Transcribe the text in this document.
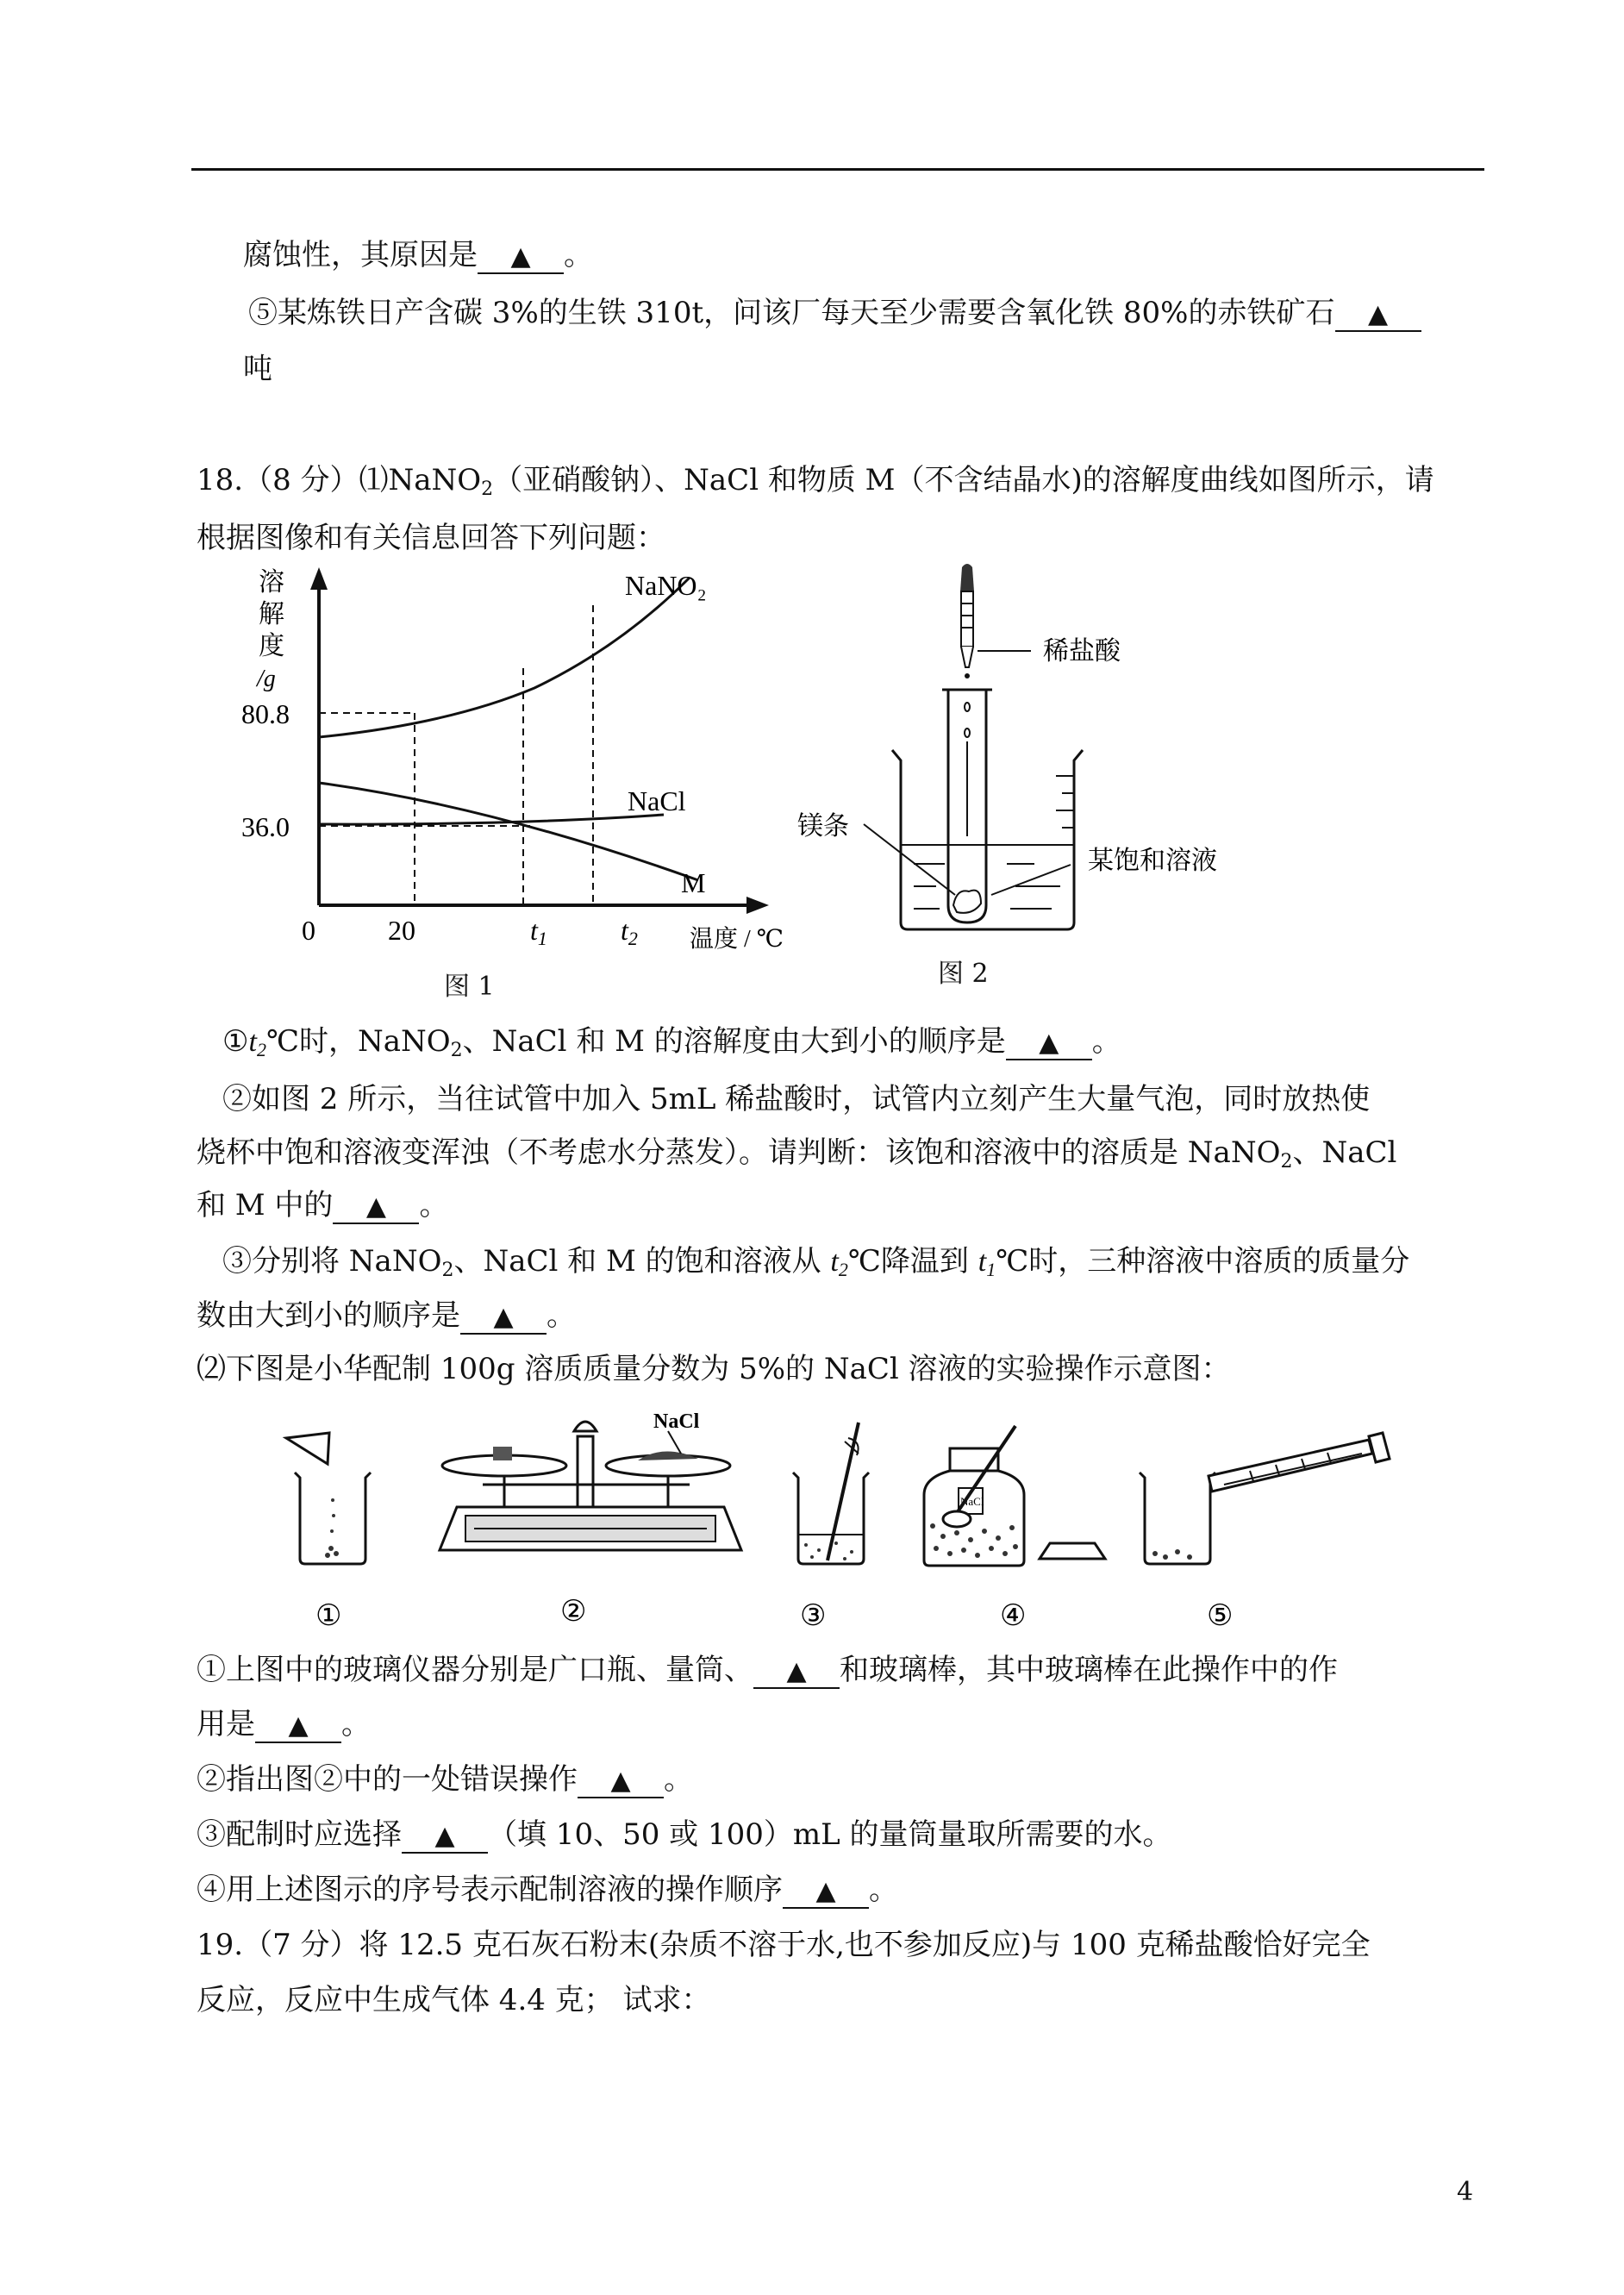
腐蚀性，其原因是 ▲ 。
⑤某炼铁日产含碳 3%的生铁 310t，问该厂每天至少需要含氧化铁 80%的赤铁矿石 ▲
吨
18.（8 分）⑴NaNO$_2$（亚硝酸钠）、NaCl 和物质 M（不含结晶水)的溶解度曲线如图所示，请
根据图像和有关信息回答下列问题：
溶
解
度
/g
80.8
36.0
0	20	t1	t2 温度 / ℃
NaNO₂
NaCl
M
图 1
稀盐酸
镁条
某饱和溶液
图 2
$①t_2℃$时，NaNO$_2$、NaCl 和 M 的溶解度由大到小的顺序是 ▲ 。
②如图 2 所示，当往试管中加入 5mL 稀盐酸时，试管内立刻产生大量气泡，同时放热使
烧杯中饱和溶液变浑浊（不考虑水分蒸发）。请判断：该饱和溶液中的溶质是 NaNO$_2$、NaCl
和 M 中的 ▲ 。
③分别将 NaNO$_2$、NaCl 和 M 的饱和溶液从 $t_2℃$降温到 $t_1℃$时，三种溶液中溶质的质量分
数由大到小的顺序是 ▲ 。
⑵下图是小华配制 100g 溶质质量分数为 5%的 NaCl 溶液的实验操作示意图：
NaCl
NaCl
①	②	③	④	⑤
①上图中的玻璃仪器分别是广口瓶、量筒、 ▲ 和玻璃棒，其中玻璃棒在此操作中的作
用是 ▲ 。
②指出图②中的一处错误操作 ▲ 。
③配制时应选择 ▲ （填 10、50 或 100）mL 的量筒量取所需要的水。
④用上述图示的序号表示配制溶液的操作顺序 ▲ 。
19.（7 分）将 12.5 克石灰石粉末(杂质不溶于水,也不参加反应)与 100 克稀盐酸恰好完全
反应，反应中生成气体 4.4 克； 试求：
4
